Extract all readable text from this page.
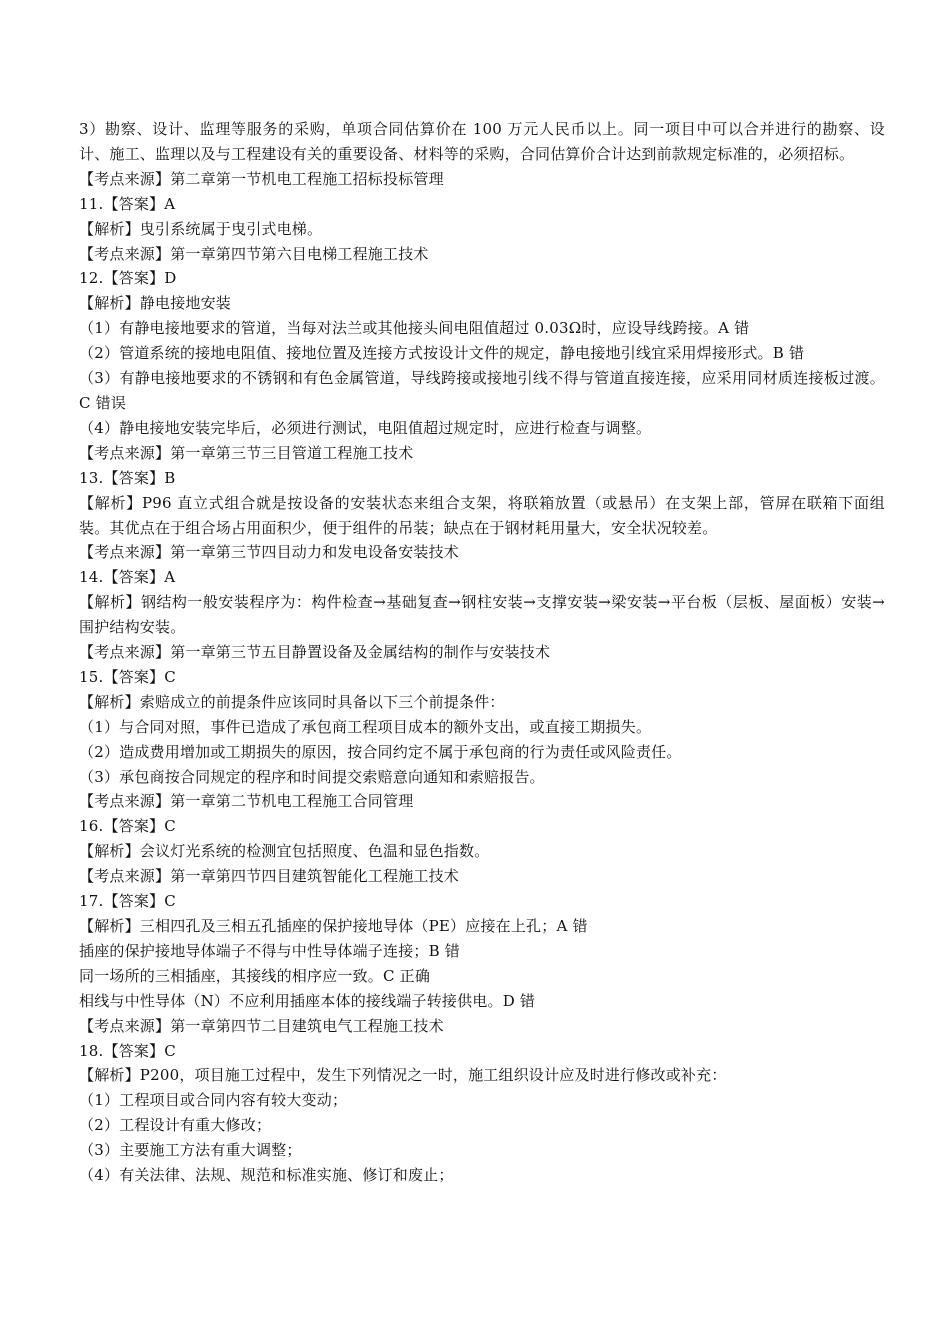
3）勘察、设计、监理等服务的采购，单项合同估算价在 100 万元人民币以上。同一项目中可以合并进行的勘察、设计、施工、监理以及与工程建设有关的重要设备、材料等的采购，合同估算价合计达到前款规定标准的，必须招标。
【考点来源】第二章第一节机电工程施工招标投标管理
11.【答案】A
【解析】曳引系统属于曳引式电梯。
【考点来源】第一章第四节第六目电梯工程施工技术
12.【答案】D
【解析】静电接地安装
（1）有静电接地要求的管道，当每对法兰或其他接头间电阻值超过 0.03Ω时，应设导线跨接。A 错
（2）管道系统的接地电阻值、接地位置及连接方式按设计文件的规定，静电接地引线宜采用焊接形式。B 错
（3）有静电接地要求的不锈钢和有色金属管道，导线跨接或接地引线不得与管道直接连接，应采用同材质连接板过渡。C 错误
（4）静电接地安装完毕后，必须进行测试，电阻值超过规定时，应进行检查与调整。
【考点来源】第一章第三节三目管道工程施工技术
13.【答案】B
【解析】P96 直立式组合就是按设备的安装状态来组合支架，将联箱放置（或悬吊）在支架上部，管屏在联箱下面组装。其优点在于组合场占用面积少，便于组件的吊装；缺点在于钢材耗用量大，安全状况较差。
【考点来源】第一章第三节四目动力和发电设备安装技术
14.【答案】A
【解析】钢结构一般安装程序为：构件检查→基础复查→钢柱安装→支撑安装→梁安装→平台板（层板、屋面板）安装→围护结构安装。
【考点来源】第一章第三节五目静置设备及金属结构的制作与安装技术
15.【答案】C
【解析】索赔成立的前提条件应该同时具备以下三个前提条件：
（1）与合同对照，事件已造成了承包商工程项目成本的额外支出，或直接工期损失。
（2）造成费用增加或工期损失的原因，按合同约定不属于承包商的行为责任或风险责任。
（3）承包商按合同规定的程序和时间提交索赔意向通知和索赔报告。
【考点来源】第一章第二节机电工程施工合同管理
16.【答案】C
【解析】会议灯光系统的检测宜包括照度、色温和显色指数。
【考点来源】第一章第四节四目建筑智能化工程施工技术
17.【答案】C
【解析】三相四孔及三相五孔插座的保护接地导体（PE）应接在上孔；A 错
插座的保护接地导体端子不得与中性导体端子连接；B 错
同一场所的三相插座，其接线的相序应一致。C 正确
相线与中性导体（N）不应利用插座本体的接线端子转接供电。D 错
【考点来源】第一章第四节二目建筑电气工程施工技术
18.【答案】C
【解析】P200，项目施工过程中，发生下列情况之一时，施工组织设计应及时进行修改或补充：
（1）工程项目或合同内容有较大变动；
（2）工程设计有重大修改；
（3）主要施工方法有重大调整；
（4）有关法律、法规、规范和标准实施、修订和废止；
